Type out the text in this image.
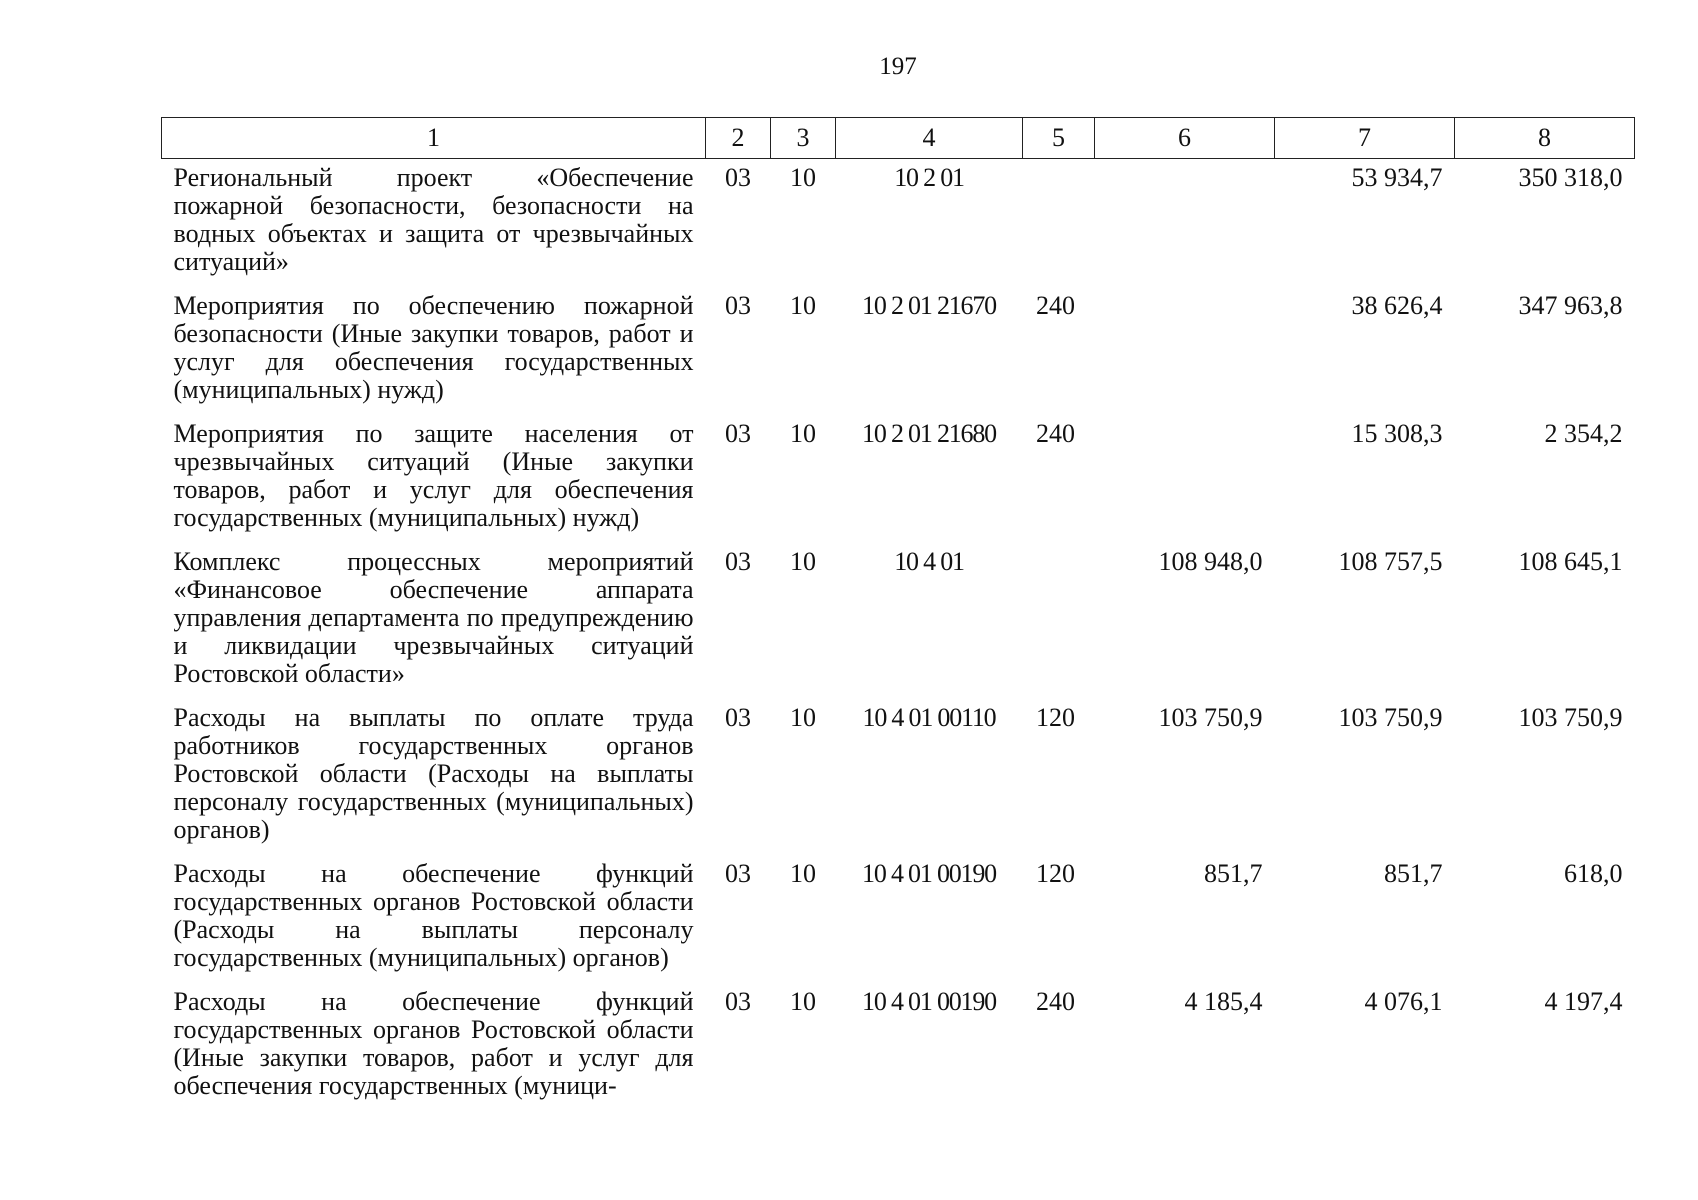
197
1	2	3	4	5	6	7	8
Региональный проект «Обеспечение пожарной безопасности, безопасности на водных объектах и защита от чрезвычайных ситуаций»	03	10	10 2 01			53 934,7	350 318,0
Мероприятия по обеспечению пожарной безопасности (Иные закупки товаров, работ и услуг для обеспечения государственных (муниципальных) нужд)	03	10	10 2 01 21670	240		38 626,4	347 963,8
Мероприятия по защите населения от чрезвычайных ситуаций (Иные закупки товаров, работ и услуг для обеспечения государственных (муниципальных) нужд)	03	10	10 2 01 21680	240		15 308,3	2 354,2
Комплекс процессных мероприятий «Финансовое обеспечение аппарата управления департамента по предупреждению и ликвидации чрезвычайных ситуаций Ростовской области»	03	10	10 4 01		108 948,0	108 757,5	108 645,1
Расходы на выплаты по оплате труда работников государственных органов Ростовской области (Расходы на выплаты персоналу государственных (муниципальных) органов)	03	10	10 4 01 00110	120	103 750,9	103 750,9	103 750,9
Расходы на обеспечение функций государственных органов Ростовской области (Расходы на выплаты персоналу государственных (муниципальных) органов)	03	10	10 4 01 00190	120	851,7	851,7	618,0
Расходы на обеспечение функций государственных органов Ростовской области (Иные закупки товаров, работ и услуг для обеспечения государственных (муници-	03	10	10 4 01 00190	240	4 185,4	4 076,1	4 197,4
